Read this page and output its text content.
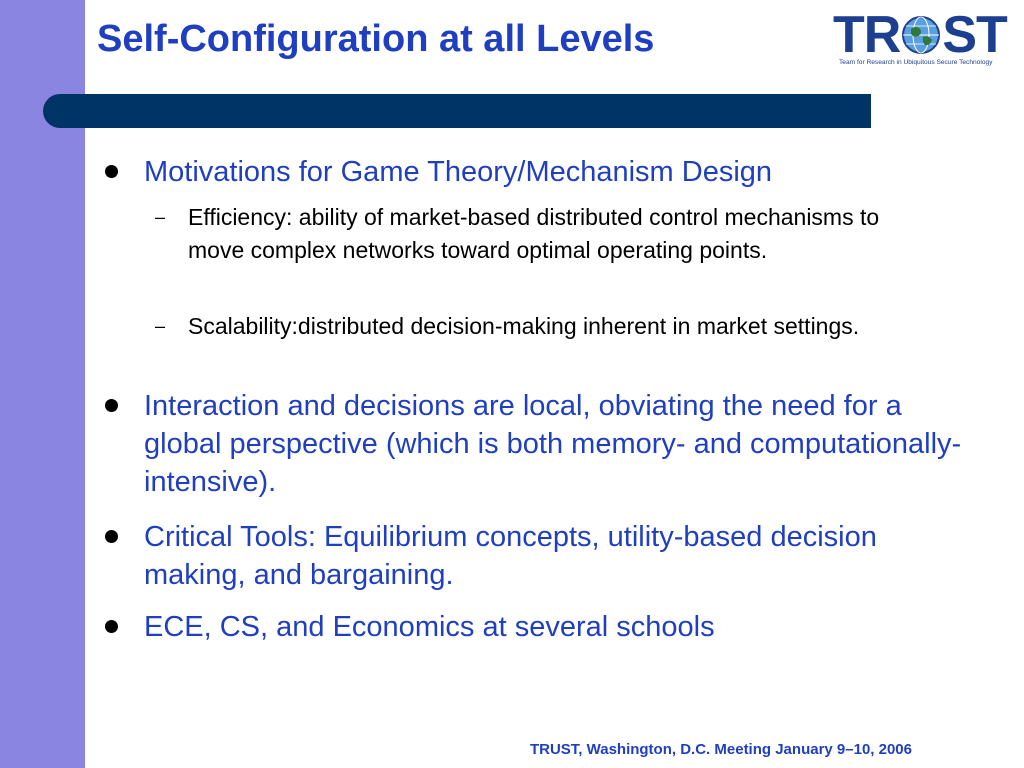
Self-Configuration at all Levels	TR ST
Team for Research in Ubiquitous Secure Technology
Motivations for Game Theory/Mechanism Design
– Efficiency: ability of market-based distributed control mechanisms to move complex networks toward optimal operating points.
– Scalability:distributed decision-making inherent in market settings.
Interaction and decisions are local, obviating the need for a global perspective (which is both memory- and computationally-intensive).
Critical Tools: Equilibrium concepts, utility-based decision making, and bargaining.
ECE, CS, and Economics at several schools
TRUST, Washington, D.C. Meeting January 9–10, 2006
